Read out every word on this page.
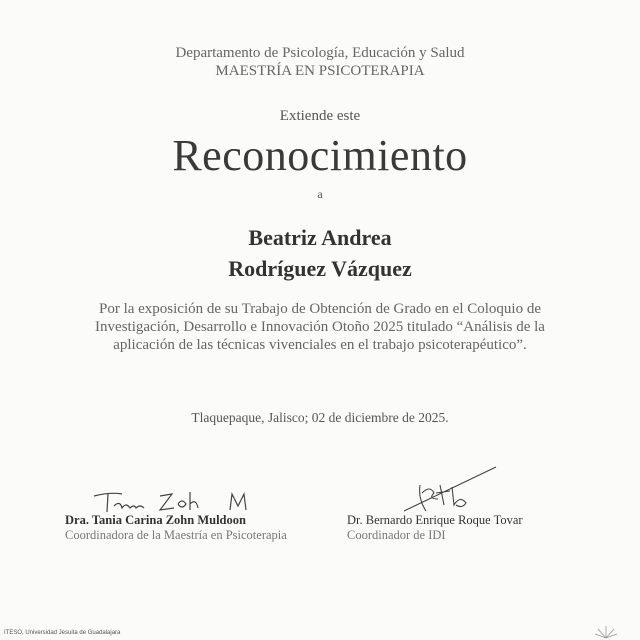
Departamento de Psicología, Educación y Salud
MAESTRÍA EN PSICOTERAPIA
Extiende este
Reconocimiento
a
Beatriz Andrea
Rodríguez Vázquez
Por la exposición de su Trabajo de Obtención de Grado en el Coloquio de Investigación, Desarrollo e Innovación Otoño 2025 titulado “Análisis de la aplicación de las técnicas vivenciales en el trabajo psicoterapéutico”.
Tlaquepaque, Jalisco; 02 de diciembre de 2025.
Dra. Tania Carina Zohn Muldoon
Coordinadora de la Maestría en Psicoterapia
Dr. Bernardo Enrique Roque Tovar
Coordinador de IDI
ITESO, Universidad Jesuita de Guadalajara
